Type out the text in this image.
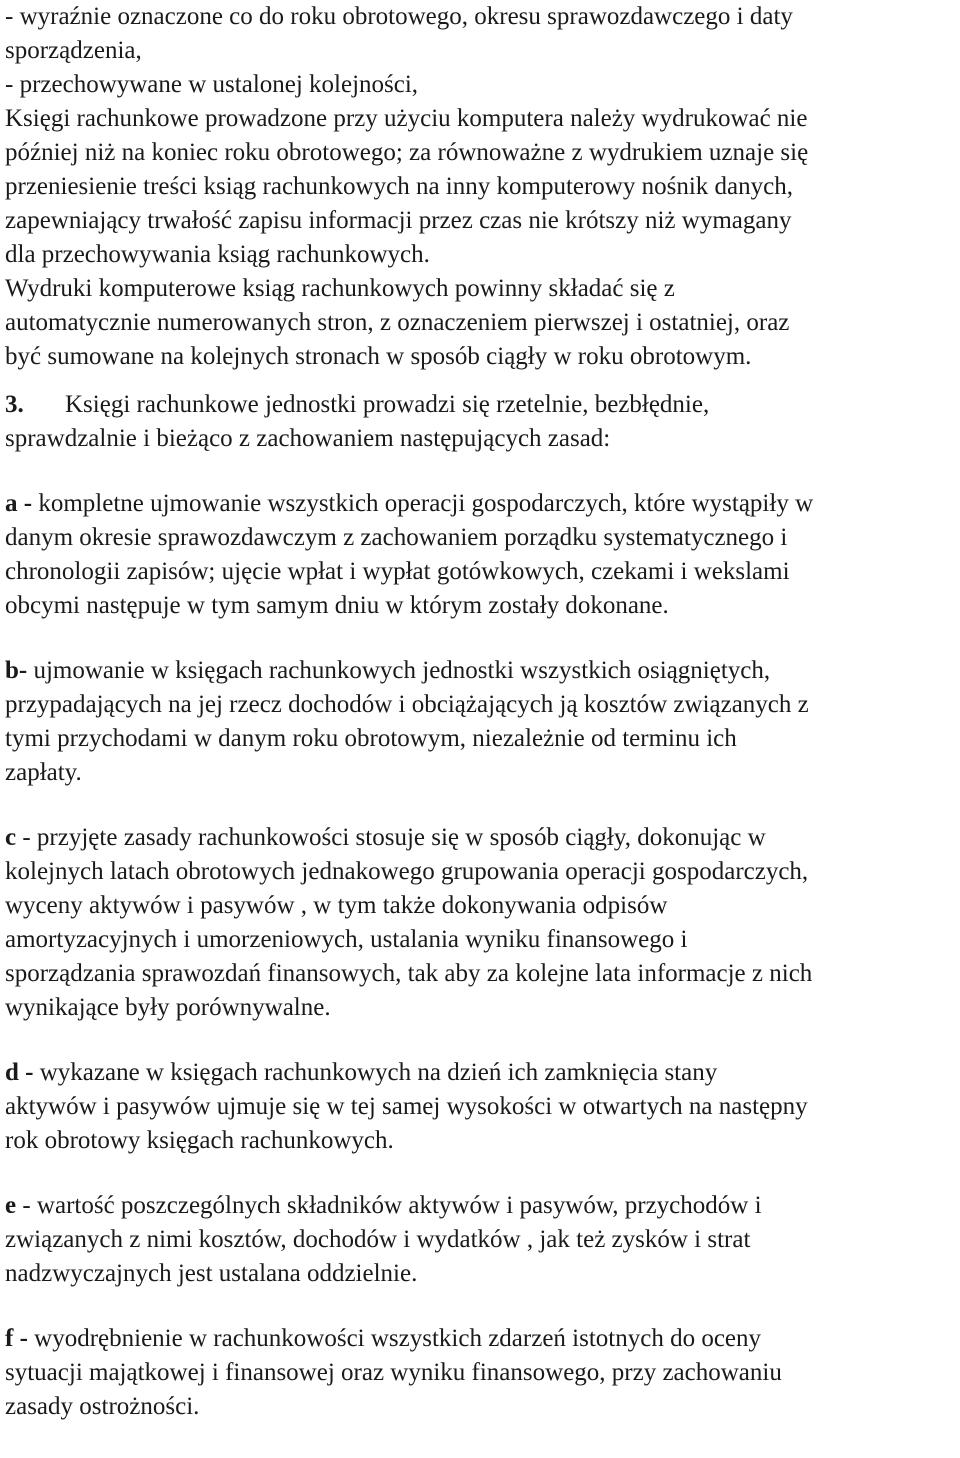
- wyraźnie oznaczone co do roku obrotowego, okresu sprawozdawczego i daty
sporządzenia,
- przechowywane w ustalonej kolejności,
Księgi rachunkowe prowadzone przy użyciu komputera należy wydrukować nie
później niż na koniec roku obrotowego; za równoważne z wydrukiem uznaje się
przeniesienie treści ksiąg rachunkowych na inny komputerowy nośnik danych,
zapewniający trwałość zapisu informacji przez czas nie krótszy niż wymagany
dla przechowywania ksiąg rachunkowych.
Wydruki komputerowe ksiąg rachunkowych powinny składać się z
automatycznie numerowanych stron, z oznaczeniem pierwszej i ostatniej, oraz
być sumowane na kolejnych stronach w sposób ciągły w roku obrotowym.
3. Księgi rachunkowe jednostki prowadzi się rzetelnie, bezbłędnie,
sprawdzalnie i bieżąco z zachowaniem następujących zasad:
a - kompletne ujmowanie wszystkich operacji gospodarczych, które wystąpiły w
danym okresie sprawozdawczym z zachowaniem porządku systematycznego i
chronologii zapisów; ujęcie wpłat i wypłat gotówkowych, czekami i wekslami
obcymi następuje w tym samym dniu w którym zostały dokonane.
b- ujmowanie w księgach rachunkowych jednostki wszystkich osiągniętych,
przypadających na jej rzecz dochodów i obciążających ją kosztów związanych z
tymi przychodami w danym roku obrotowym, niezależnie od terminu ich
zapłaty.
c - przyjęte zasady rachunkowości stosuje się w sposób ciągły, dokonując w
kolejnych latach obrotowych jednakowego grupowania operacji gospodarczych,
wyceny aktywów i pasywów , w tym także dokonywania odpisów
amortyzacyjnych i umorzeniowych, ustalania wyniku finansowego i
sporządzania sprawozdań finansowych, tak aby za kolejne lata informacje z nich
wynikające były porównywalne.
d - wykazane w księgach rachunkowych na dzień ich zamknięcia stany
aktywów i pasywów ujmuje się w tej samej wysokości w otwartych na następny
rok obrotowy księgach rachunkowych.
e - wartość poszczególnych składników aktywów i pasywów, przychodów i
związanych z nimi kosztów, dochodów i wydatków , jak też zysków i strat
nadzwyczajnych jest ustalana oddzielnie.
f - wyodrębnienie w rachunkowości wszystkich zdarzeń istotnych do oceny
sytuacji majątkowej i finansowej oraz wyniku finansowego, przy zachowaniu
zasady ostrożności.
